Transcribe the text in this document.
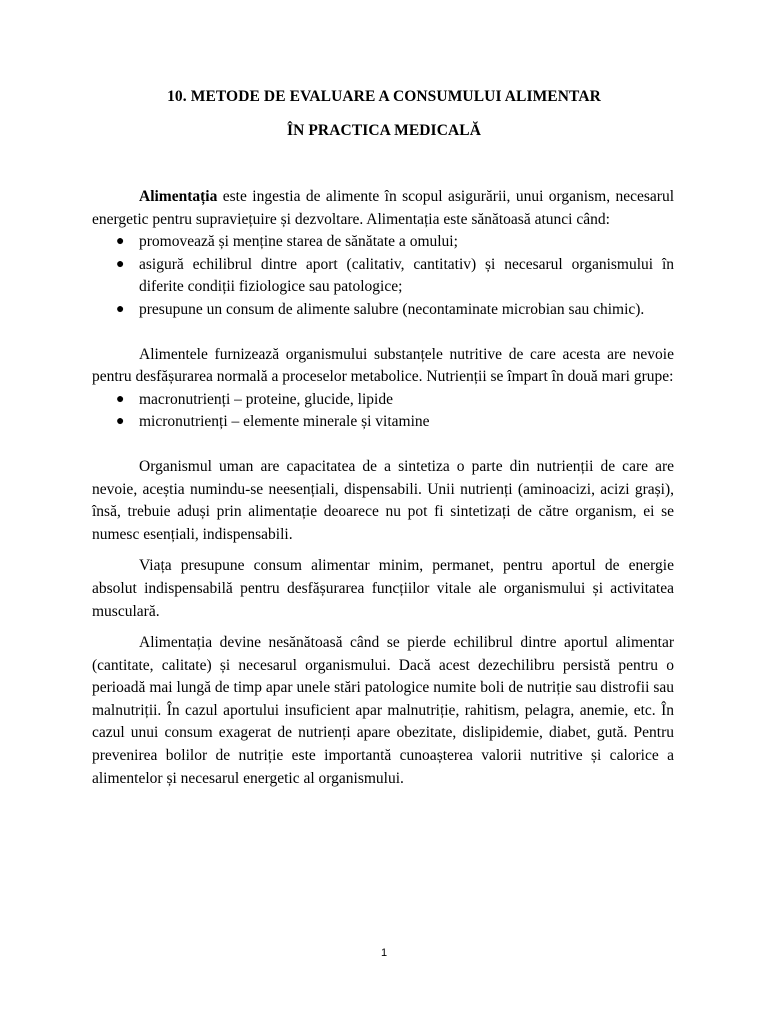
10. METODE DE EVALUARE A CONSUMULUI ALIMENTAR
ÎN PRACTICA MEDICALĂ

Alimentația este ingestia de alimente în scopul asigurării, unui organism, necesarul energetic pentru supraviețuire și dezvoltare. Alimentația este sănătoasă atunci când:

● promovează și menține starea de sănătate a omului;
● asigură echilibrul dintre aport (calitativ, cantitativ) și necesarul organismului în diferite condiții fiziologice sau patologice;
● presupune un consum de alimente salubre (necontaminate microbian sau chimic).

Alimentele furnizează organismului substanțele nutritive de care acesta are nevoie pentru desfășurarea normală a proceselor metabolice. Nutrienții se împart în două mari grupe:

● macronutrienți – proteine, glucide, lipide
● micronutrienți – elemente minerale și vitamine

Organismul uman are capacitatea de a sintetiza o parte din nutrienții de care are nevoie, aceștia numindu-se neesențiali, dispensabili. Unii nutrienți (aminoacizi, acizi grași), însă, trebuie aduși prin alimentație deoarece nu pot fi sintetizați de către organism, ei se numesc esențiali, indispensabili.

Viața presupune consum alimentar minim, permanet, pentru aportul de energie absolut indispensabilă pentru desfășurarea funcțiilor vitale ale organismului și activitatea musculară.

Alimentația devine nesănătoasă când se pierde echilibrul dintre aportul alimentar (cantitate, calitate) și necesarul organismului. Dacă acest dezechilibru persistă pentru o perioadă mai lungă de timp apar unele stări patologice numite boli de nutriție sau distrofii sau malnutriții. În cazul aportului insuficient apar malnutriție, rahitism, pelagra, anemie, etc. În cazul unui consum exagerat de nutrienți apare obezitate, dislipidemie, diabet, gută. Pentru prevenirea bolilor de nutriție este importantă cunoașterea valorii nutritive și calorice a alimentelor și necesarul energetic al organismului.

1
